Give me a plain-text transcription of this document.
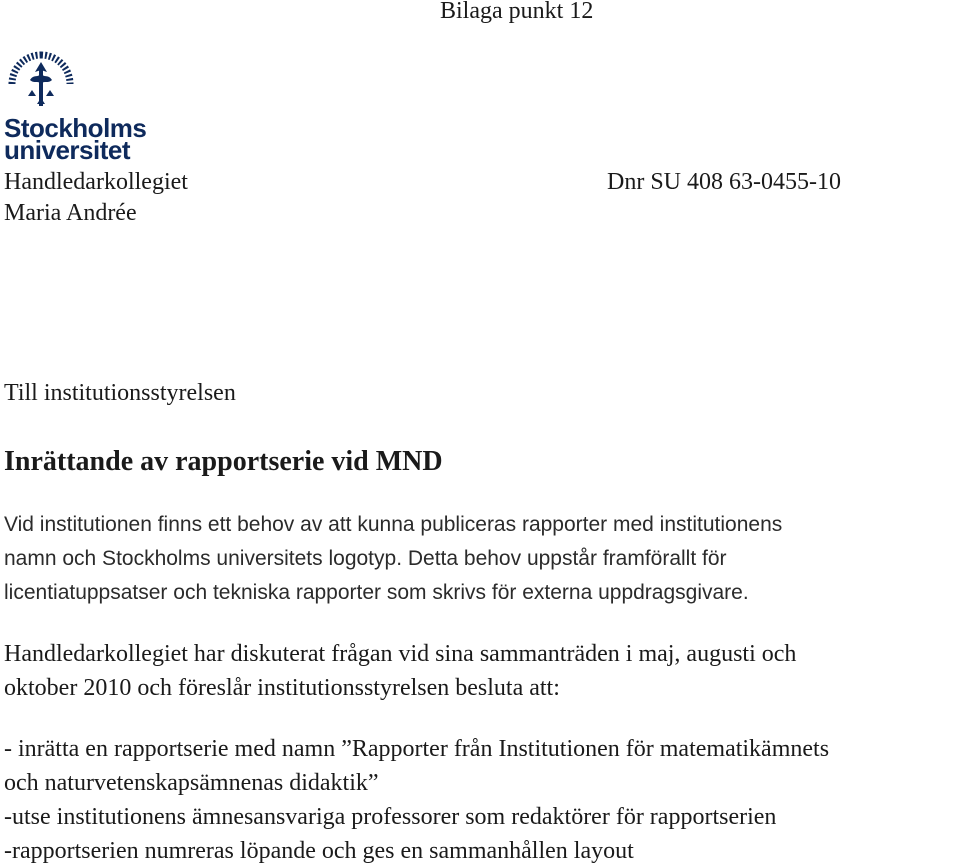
Bilaga punkt 12
Stockholms
universitet
Handledarkollegiet	Dnr SU 408 63-0455-10
Maria Andrée
Till institutionsstyrelsen
Inrättande av rapportserie vid MND

Vid institutionen finns ett behov av att kunna publiceras rapporter med institutionens

namn och Stockholms universitets logotyp. Detta behov uppstår framförallt för

licentiatuppsatser och tekniska rapporter som skrivs för externa uppdragsgivare.

Handledarkollegiet har diskuterat frågan vid sina sammanträden i maj, augusti och

oktober 2010 och föreslår institutionsstyrelsen besluta att:

- inrätta en rapportserie med namn ”Rapporter från Institutionen för matematikämnets

och naturvetenskapsämnenas didaktik”

-utse institutionens ämnesansvariga professorer som redaktörer för rapportserien

-rapportserien numreras löpande och ges en sammanhållen layout
